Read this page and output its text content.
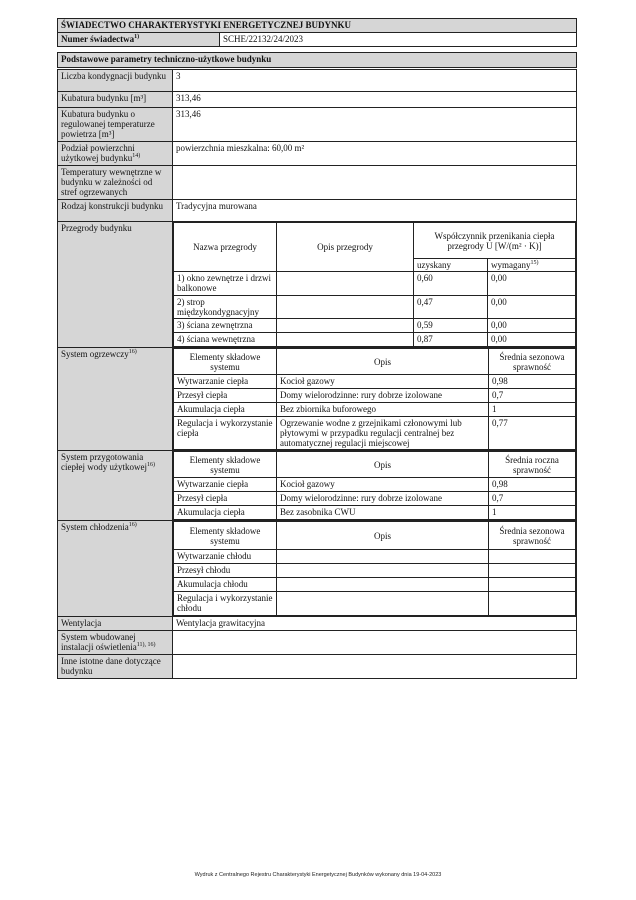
ŚWIADECTWO CHARAKTERYSTYKI ENERGETYCZNEJ BUDYNKU
Numer świadectwa$^{1)}$	SCHE/22132/24/2023
Podstawowe parametry techniczno-użytkowe budynku
Liczba kondygnacji budynku	3
Kubatura budynku [m³]	313,46
Kubatura budynku o regulowanej temperaturze powietrza [m³]	313,46
Podział powierzchni użytkowej budynku$^{14)}$	powierzchnia mieszkalna: 60,00 m²
Temperatury wewnętrzne w budynku w zależności od stref ogrzewanych	
Rodzaj konstrukcji budynku	Tradycyjna murowana
Przegrody budynku	
Nazwa przegrody	Opis przegrody	Współczynnik przenikania ciepła przegrody U [W/(m² · K)]
uzyskany	wymagany$^{15)}$
1) okno zewnętrze i drzwi balkonowe		0,60	0,00
2) strop międzykondygnacyjny		0,47	0,00
3) ściana zewnętrzna		0,59	0,00
4) ściana wewnętrzna		0,87	0,00

System ogrzewczy$^{16)}$		Elementy składowe systemu	Opis	Średnia sezonowa sprawność
Wytwarzanie ciepła	Kocioł gazowy	0,98
Przesył ciepła	Domy wielorodzinne: rury dobrze izolowane	0,7
Akumulacja ciepła	Bez zbiornika buforowego	1
Regulacja i wykorzystanie ciepła	Ogrzewanie wodne z grzejnikami członowymi lub płytowymi w przypadku regulacji centralnej bez automatycznej regulacji miejscowej	0,77

System przygotowania ciepłej wody użytkowej$^{16)}$	
Elementy składowe systemu	Opis	Średnia roczna sprawność
Wytwarzanie ciepła	Kocioł gazowy	0,98
Przesył ciepła	Domy wielorodzinne: rury dobrze izolowane	0,7
Akumulacja ciepła	Bez zasobnika CWU	1

System chłodzenia$^{16)}$	
Elementy składowe systemu	Opis	Średnia sezonowa sprawność
Wytwarzanie chłodu		
Przesył chłodu		
Akumulacja chłodu		
Regulacja i wykorzystanie chłodu		

Wentylacja	Wentylacja grawitacyjna
System wbudowanej instalacji oświetlenia$^{11), 16)}$	
Inne istotne dane dotyczące budynku	
Wydruk z Centralnego Rejestru Charakterystyki Energetycznej Budynków wykonany dnia 19-04-2023
